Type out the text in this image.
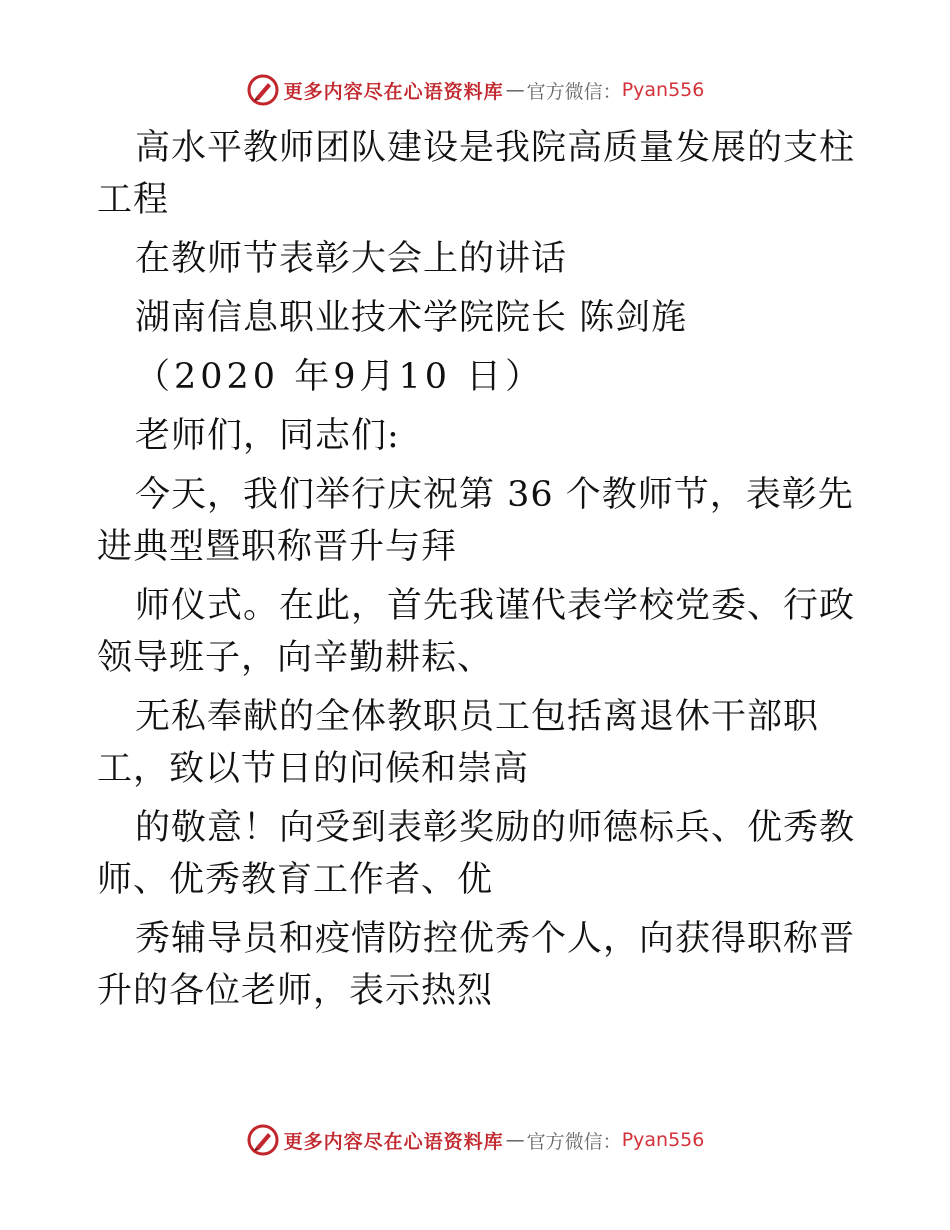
更多内容尽在心语资料库 — 官方微信： Pyan556

高水平教师团队建设是我院高质量发展的支柱工程

在教师节表彰大会上的讲话

湖南信息职业技术学院院长 陈剑旄

（2020 年9月10 日）

老师们，同志们:

今天，我们举行庆祝第 36 个教师节，表彰先进典型暨职称晋升与拜

师仪式。在此，首先我谨代表学校党委、行政领导班子，向辛勤耕耘、

无私奉献的全体教职员工包括离退休干部职工，致以节日的问候和崇高

的敬意！向受到表彰奖励的师德标兵、优秀教师、优秀教育工作者、优

秀辅导员和疫情防控优秀个人，向获得职称晋升的各位老师，表示热烈

更多内容尽在心语资料库 — 官方微信： Pyan556
